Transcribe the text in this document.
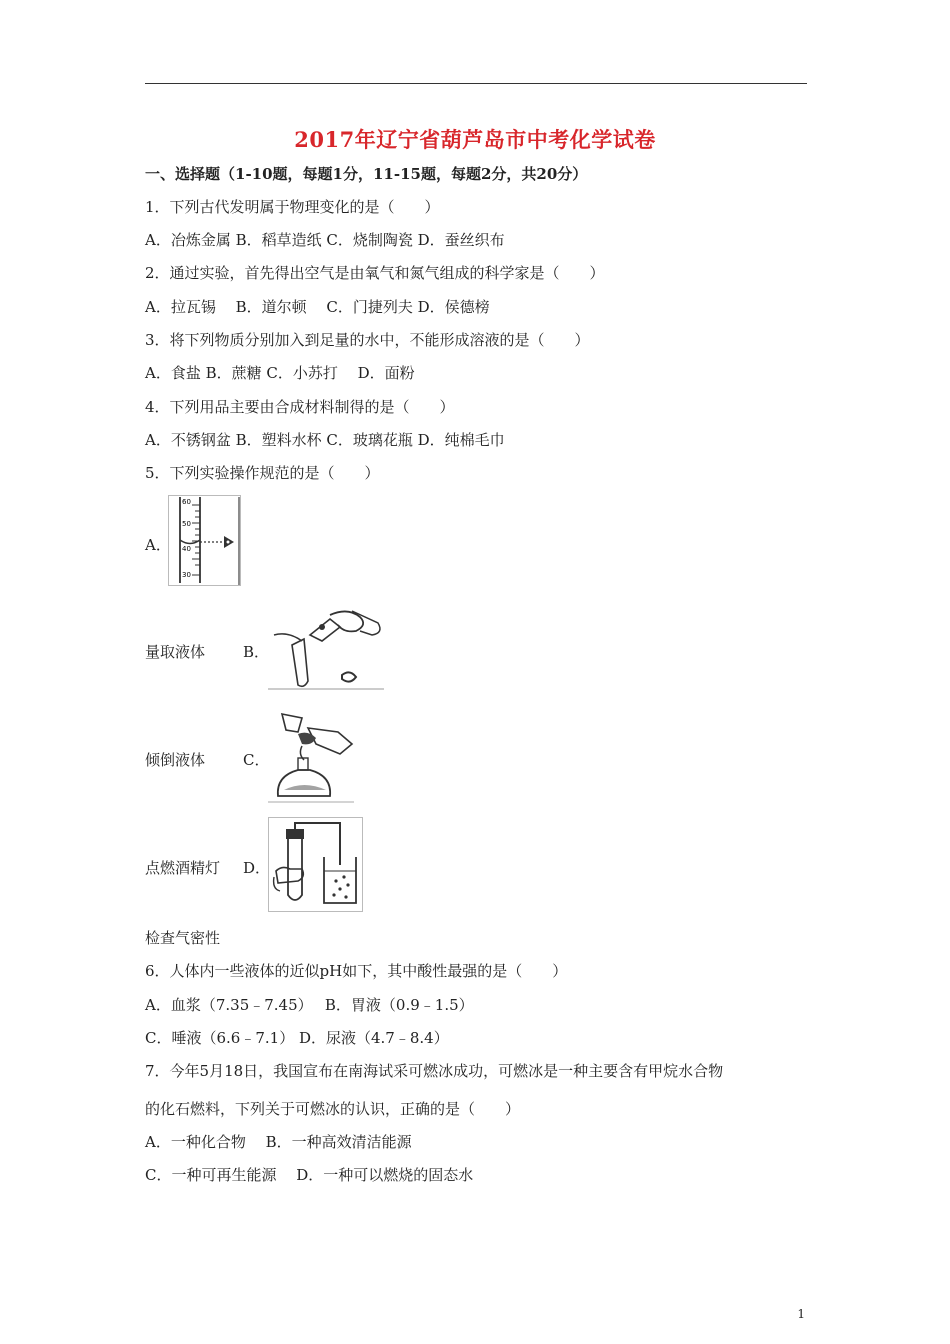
2017年辽宁省葫芦岛市中考化学试卷
一、选择题（1-10题，每题1分，11-15题，每题2分，共20分）
1．下列古代发明属于物理变化的是（　　）
A．冶炼金属 B．稻草造纸 C．烧制陶瓷 D．蚕丝织布
2．通过实验，首先得出空气是由氧气和氮气组成的科学家是（　　）
A．拉瓦锡　 B．道尔顿　 C．门捷列夫 D．侯德榜
3．将下列物质分别加入到足量的水中，不能形成溶液的是（　　）
A．食盐 B．蔗糖 C．小苏打　 D．面粉
4．下列用品主要由合成材料制得的是（　　）
A．不锈钢盆 B．塑料水杯 C．玻璃花瓶 D．纯棉毛巾
5．下列实验操作规范的是（　　）
A．
60
50
40
30
量取液体	B．
倾倒液体	C．
点燃酒精灯 D．
检查气密性
6．人体内一些液体的近似pH如下，其中酸性最强的是（　　）
A．血浆（7.35﹣7.45）　 B．胃液（0.9﹣1.5）
C．唾液（6.6﹣7.1） D．尿液（4.7﹣8.4）
7．今年5月18日，我国宣布在南海试采可燃冰成功，可燃冰是一种主要含有甲烷水合物
的化石燃料，下列关于可燃冰的认识，正确的是（　　）
A．一种化合物　 B．一种高效清洁能源
C．一种可再生能源　 D．一种可以燃烧的固态水
1
